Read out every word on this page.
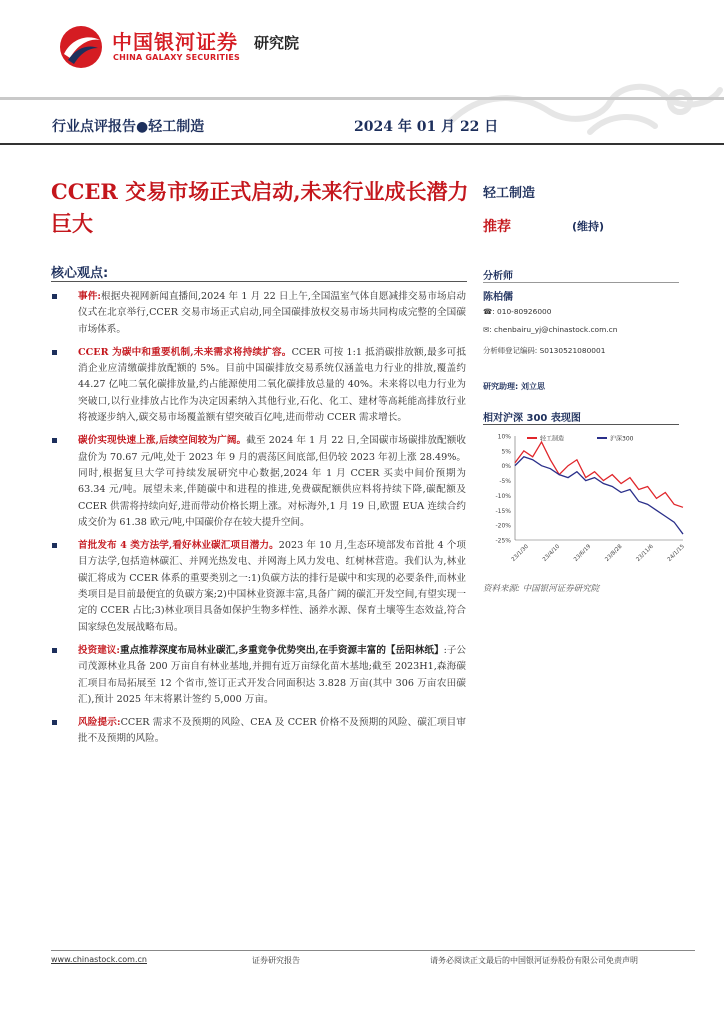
中国银河证券
CHINA GALAXY SECURITIES
研究院
行业点评报告●轻工制造	2024 年 01 月 22 日
CCER 交易市场正式启动,未来行业成长潜力巨大
轻工制造
推荐	(维持)
分析师
陈柏儒
☎: 010-80926000
✉: chenbairu_yj@chinastock.com.cn
分析师登记编码: S0130521080001
研究助理: 刘立思
相对沪深 300 表现图
10%
5%
0%
-5%
-10%
-15%
-20%
-25%
23/1/30 23/4/10 23/6/19 23/8/28 23/11/6 24/1/15
轻工制造	沪深300
资料来源: 中国银河证券研究院
核心观点:
事件:根据央视网新闻直播间,2024 年 1 月 22 日上午,全国温室气体自愿减排交易市场启动仪式在北京举行,CCER 交易市场正式启动,同全国碳排放权交易市场共同构成完整的全国碳市场体系。
CCER 为碳中和重要机制,未来需求将持续扩容。CCER 可按 1:1 抵消碳排放额,最多可抵消企业应清缴碳排放配额的 5%。目前中国碳排放交易系统仅涵盖电力行业的排放,覆盖约 44.27 亿吨二氧化碳排放量,约占能源使用二氧化碳排放总量的 40%。未来将以电力行业为突破口,以行业排放占比作为决定因素纳入其他行业,石化、化工、建材等高耗能高排放行业将被逐步纳入,碳交易市场覆盖额有望突破百亿吨,进而带动 CCER 需求增长。
碳价实现快速上涨,后续空间较为广阔。截至 2024 年 1 月 22 日,全国碳市场碳排放配额收盘价为 70.67 元/吨,处于 2023 年 9 月的震荡区间底部,但仍较 2023 年初上涨 28.49%。同时,根据复旦大学可持续发展研究中心数据,2024 年 1 月 CCER 买卖中间价预期为 63.34 元/吨。展望未来,伴随碳中和进程的推进,免费碳配额供应料将持续下降,碳配额及 CCER 供需将持续向好,进而带动价格长期上涨。对标海外,1 月 19 日,欧盟 EUA 连续合约成交价为 61.38 欧元/吨,中国碳价存在较大提升空间。
首批发布 4 类方法学,看好林业碳汇项目潜力。2023 年 10 月,生态环境部发布首批 4 个项目方法学,包括造林碳汇、并网光热发电、并网海上风力发电、红树林营造。我们认为,林业碳汇将成为 CCER 体系的重要类别之一:1)负碳方法的排行是碳中和实现的必要条件,而林业类项目是目前最便宜的负碳方案;2)中国林业资源丰富,具备广阔的碳汇开发空间,有望实现一定的 CCER 占比;3)林业项目具备如保护生物多样性、涵养水源、保育土壤等生态效益,符合国家绿色发展战略布局。
投资建议:重点推荐深度布局林业碳汇,多重竞争优势突出,在手资源丰富的【岳阳林纸】:子公司茂源林业具备 200 万亩自有林业基地,并拥有近万亩绿化苗木基地;截至 2023H1,森海碳汇项目布局拓展至 12 个省市,签订正式开发合同面积达 3.828 万亩(其中 306 万亩农田碳汇),预计 2025 年末将累计签约 5,000 万亩。
风险提示:CCER 需求不及预期的风险、CEA 及 CCER 价格不及预期的风险、碳汇项目审批不及预期的风险。
www.chinastock.com.cn	证券研究报告	请务必阅读正文最后的中国银河证券股份有限公司免责声明
